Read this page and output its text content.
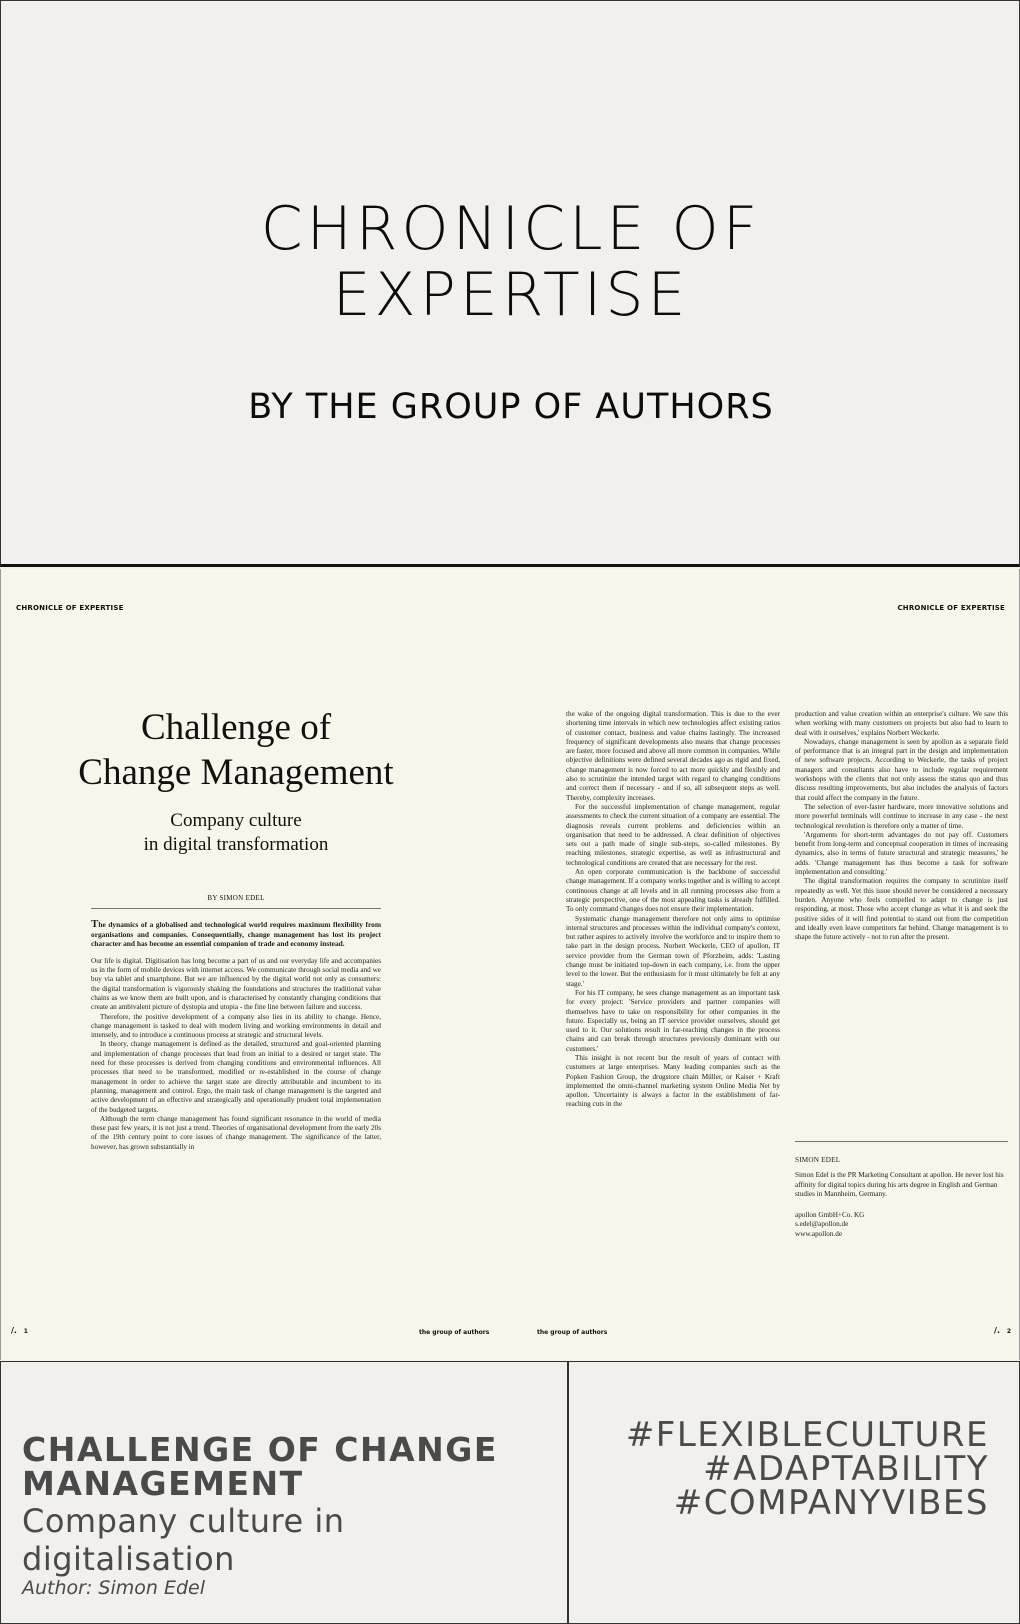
CHRONICLE OF
EXPERTISE
BY THE GROUP OF AUTHORS
CHRONICLE OF EXPERTISE	CHRONICLE OF EXPERTISE
Challenge of
Change Management
Company culture
in digital transformation
BY SIMON EDEL

The dynamics of a globalised and technological world requires maximum flexibility from organisations and companies. Consequentially, change management has lost its project character and has become an essential companion of trade and economy instead.

Our life is digital. Digitisation has long become a part of us and our everyday life and accompanies us in the form of mobile devices with internet access. We communicate through social media and we buy via tablet and smartphone. But we are influenced by the digital world not only as consumers: the digital transformation is vigorously shaking the foundations and structures the traditional value chains as we know them are built upon, and is characterised by constantly changing conditions that create an ambivalent picture of dystopia and utopia - the fine line between failure and success.

Therefore, the positive development of a company also lies in its ability to change. Hence, change management is tasked to deal with modern living and working environments in detail and intensely, and to introduce a continuous process at strategic and structural levels.

In theory, change management is defined as the detailed, structured and goal-oriented planning and implementation of change processes that lead from an initial to a desired or target state. The need for these processes is derived from changing conditions and environmental influences. All processes that need to be transformed, modified or re-established in the course of change management in order to achieve the target state are directly attributable and incumbent to its planning, management and control. Ergo, the main task of change management is the targeted and active development of an effective and strategically and operationally prudent total implementation of the budgeted targets.

Although the term change management has found significant resonance in the world of media these past few years, it is not just a trend. Theories of organisational development from the early 20s of the 19th century point to core issues of change management. The significance of the latter, however, has grown substantially in

the wake of the ongoing digital transformation. This is due to the ever shortening time intervals in which new technologies affect existing ratios of customer contact, business and value chains lastingly. The increased frequency of significant developments also means that change processes are faster, more focused and above all more common in companies. While objective definitions were defined several decades ago as rigid and fixed, change management is now forced to act more quickly and flexibly and also to scrutinize the intended target with regard to changing conditions and correct them if necessary - and if so, all subsequent steps as well. Thereby, complexity increases.

For the successful implementation of change management, regular assessments to check the current situation of a company are essential. The diagnosis reveals current problems and deficiencies within an organisation that need to be addressed. A clear definition of objectives sets out a path made of single sub-steps, so-called milestones. By reaching milestones, strategic expertise, as well as infrastructural and technological conditions are created that are necessary for the rest.

An open corporate communication is the backbone of successful change management. If a company works together and is willing to accept continuous change at all levels and in all running processes also from a strategic perspective, one of the most appealing tasks is already fulfilled. To only command changes does not ensure their implementation.

Systematic change management therefore not only aims to optimise internal structures and processes within the individual company's context, but rather aspires to actively involve the workforce and to inspire them to take part in the design process. Norbert Weckerle, CEO of apollon, IT service provider from the German town of Pforzheim, adds: 'Lasting change must be initiated top-down in each company, i.e. from the upper level to the lower. But the enthusiasm for it must ultimately be felt at any stage.'

For his IT company, he sees change management as an important task for every project: 'Service providers and partner companies will themselves have to take on responsibility for other companies in the future. Especially us, being an IT service provider ourselves, should get used to it. Our solutions result in far-reaching changes in the process chains and can break through structures previously dominant with our customers.'

This insight is not recent but the result of years of contact with customers at large enterprises. Many leading companies such as the Popken Fashion Group, the drugstore chain Müller, or Kaiser + Kraft implemented the omni-channel marketing system Online Media Net by apollon. 'Uncertainty is always a factor in the establishment of far-reaching cuts in the

production and value creation within an enterprise's culture. We saw this when working with many customers on projects but also had to learn to deal with it ourselves,' explains Norbert Weckerle.

Nowadays, change management is seen by apollon as a separate field of performance that is an integral part in the design and implementation of new software projects. According to Weckerle, the tasks of project managers and consultants also have to include regular requirement workshops with the clients that not only assess the status quo and thus discuss resulting improvements, but also includes the analysis of factors that could affect the company in the future.

The selection of ever-faster hardware, more innovative solutions and more powerful terminals will continue to increase in any case - the next technological revolution is therefore only a matter of time.

'Arguments for short-term advantages do not pay off. Customers benefit from long-term and conceptual cooperation in times of increasing dynamics, also in terms of future structural and strategic measures,' he adds. 'Change management has thus become a task for software implementation and consulting.'

The digital transformation requires the company to scrutinize itself repeatedly as well. Yet this issue should never be considered a necessary burden. Anyone who feels compelled to adapt to change is just responding, at most. Those who accept change as what it is and seek the positive sides of it will find potential to stand out from the competition and ideally even leave competitors far behind. Change management is to shape the future actively - not to run after the present.

SIMON EDEL
Simon Edel is the PR Marketing Consultant at apollon. He never lost his affinity for digital topics during his arts degree in English and German studies in Mannheim, Germany.
apollon GmbH+Co. KG
s.edel@apollon.de
www.apollon.de
/. 1	the group of authors	the group of authors	/. 2
CHALLENGE OF CHANGE MANAGEMENT
Company culture in digitalisation
Author: Simon Edel
#FLEXIBLECULTURE
#ADAPTABILITY
#COMPANYVIBES
